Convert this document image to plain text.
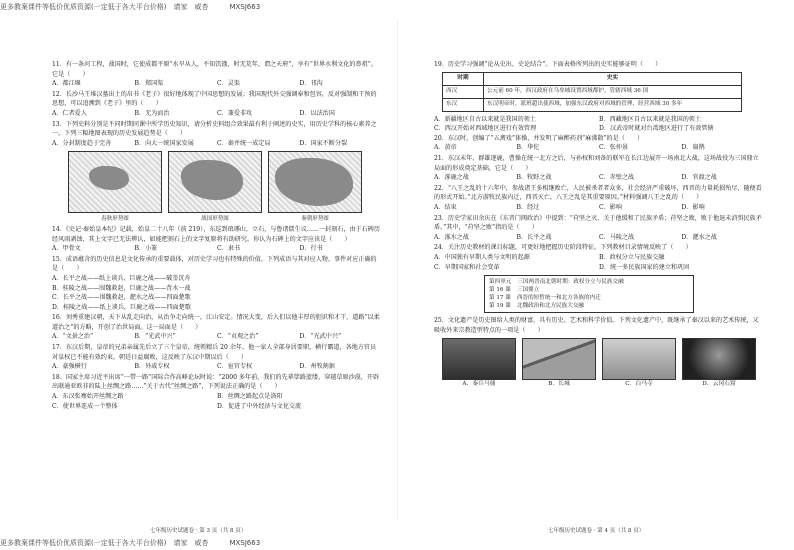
更多教案课件等低价优质资源(一定低于各大平台价格)　请家　威杏　　　MXSJ663
11．有一条河工程，战国时，它使成都平原“水旱从人，不知饥馑，时无荒年，谓之天府”，享有“世界水利文化的鼻祖”。它是（　　）
A．都江堰	B．郑国渠	C．灵渠	D．邗沟
12．长沙马王堆汉墓出土的帛书《老子》很好地体现了中国思想的发展；我国现代外交强调奉和包容，反对强制和干预的思想，可以追溯到《老子》里的（　　）
A．仁者爱人	B．无为而治	C．兼爱非攻	D．以法治国
13．下列史料分别是不同时期同课中所学历史知识，请分析史料组合效果最有利于阐述的史实，用历史学科的核心素养之一。下列三幅地图表现的历史发展趋势是（　　）
A．分封制度趋于完善	B．向大一统国家发展	C．秦并统一成定局	D．国家不断分裂
春秋形势图	战国形势图	秦朝形势图
14．《史记·秦始皇本纪》记载，始皇二十八年（前 219），东巡到琅琊山，立石，与鲁诸儒生议……一封刻石，由于石碑历经风雨剥蚀，其上文字已无法辨认，如能把刻石上的文字复原将有助研究。你认为石碑上的文字应该是（　　）
A．甲骨文	B．小篆	C．隶书	D．行书
15．成语蕴含的历史信息是文化传承的重要载体，对历史学习也有特殊的价值。下列成语与其对应人物、事件对应正确的是（　　）
A．长平之战——纸上谈兵、巨鹿之战——破釜沉舟
B．桂陵之战——围魏救赵，巨鹿之战——背水一战
C．长平之战——围魏救赵，淝水之战——四面楚歌
D．桂陵之战——纸上谈兵，巨鹿之战——四面楚歌
16．刘秀重建汉朝，天下从乱走向治，从治争走向统一，江山安定。情况大变，后人们以他丰厚的胆识和才干，道路“以柔道治之”的方略，开创了治世局面。这一局面是（　　）
A．“文景之治”	B．“光武中兴”	C．“贞观之治”	D．“光武中兴”
17．东汉后期，皇帝的兄弟亲属先后立了三个皇帝，统领精兵 20 余年，他一家人全部身居要职，横行霸道，各地方官员对皇权已不能有效约束。朝廷日益腐败，这反映了东汉中期以后（　　）
A．豪强横行	B．外戚专权	C．宦官专权	D．州牧割据
18．国家主席习近平出席“一带一路”国际合作高峰论坛时说：“2000 多年前，我们的先辈筚路蓝缕，穿越草原沙漠，开辟出联通亚欧非的陆上丝绸之路……”关于古代“丝绸之路”，下列说法正确的是（　　）
A．东汉张骞始开丝绸之路	B．丝绸之路起点是洛阳
C．使世界连成一个整体	D．促进了中外经济与文化交流
19．历史学习强调“论从史出，史论结合”。下面表格所列出的史实能够证明（　　）
时期	史实
西汉	公元前 60 年，西汉政府在乌垒城设置西域都护，管辖西域 36 国
东汉	东汉明帝时，派班超出使西域，加强东汉政府对西域的管理，经营西域 30 多年
A．新疆地区自古以来就是我国的领土	B．西藏地区自古以来就是我国的领土
C．西汉开始对西域地区进行有效管理	D．汉武帝时就对台湾地区进行了有效管辖
20．东汉时，创编了“五禽戏”体操，并发明了麻醉药剂“麻沸散”的是（　　）
A．黄帝	B．华佗	C．张仲景	D．扁鹊
21．东汉末年，群雄逐鹿，曹操在统一北方之后，与孙权和刘备的联军在长江边展开一场南北大战，这场战役为三国鼎立局面的形成奠定基础，它是（　　）
A．涿鹿之战	B．牧野之战	C．赤壁之战	D．官渡之战
22．“八王之乱的十六年中，参战诸王多相继败亡，人民被杀者者众多，社会经济严重破坏，西晋的力量耗损殆尽，随便看的形式开始。”北方游牧民族内迁，西晋灭亡，八王之乱是其重要原因。”材料强调八王之乱的（　　）
A．结束	B．经过	C．影响	D．影响
23．历史学家田余庆在《东晋门阀政治》中提到：“苻坚之灭，关于他缓和了民族矛盾；苻坚之败，败于他退未消弭民族矛盾。”其中，“苻坚之败”指的是（　　）
A．涿水之战	B．长平之战	C．马陵之战	D．淝水之战
24．关注历史教材的课目标题，可更好地把握历史阶段特征。下列教材目录情境反映了（　　）
A．中国独有早期人类与文明的起源	B．政权分立与民族交融
C．早期国家和社会变革	D．统一多民族国家的建立和巩固
第四单元 三国两晋南北朝时期：政权分立与民族交融
第 16 课 三国鼎立
第 17 课 西晋的短暂统一和北方各族的内迁
第 19 课 北魏政治和北方民族大交融
25．文化遗产是历史图给人类的财富，具有历史、艺术和科学价值。下列文化遗产中，既继承了秦汉以来的艺术传统，又吸收外来宗教造型特点的一项是（　　）
A．秦兵马俑	B．长城	C．白马寺	D．云冈石窟
七年级历史试题卷 · 第 3 页（共 8 页）	七年级历史试题卷 · 第 4 页（共 8 页）
更多教案课件等低价优质资源(一定低于各大平台价格)　请家　威杏　　　MXSJ663
